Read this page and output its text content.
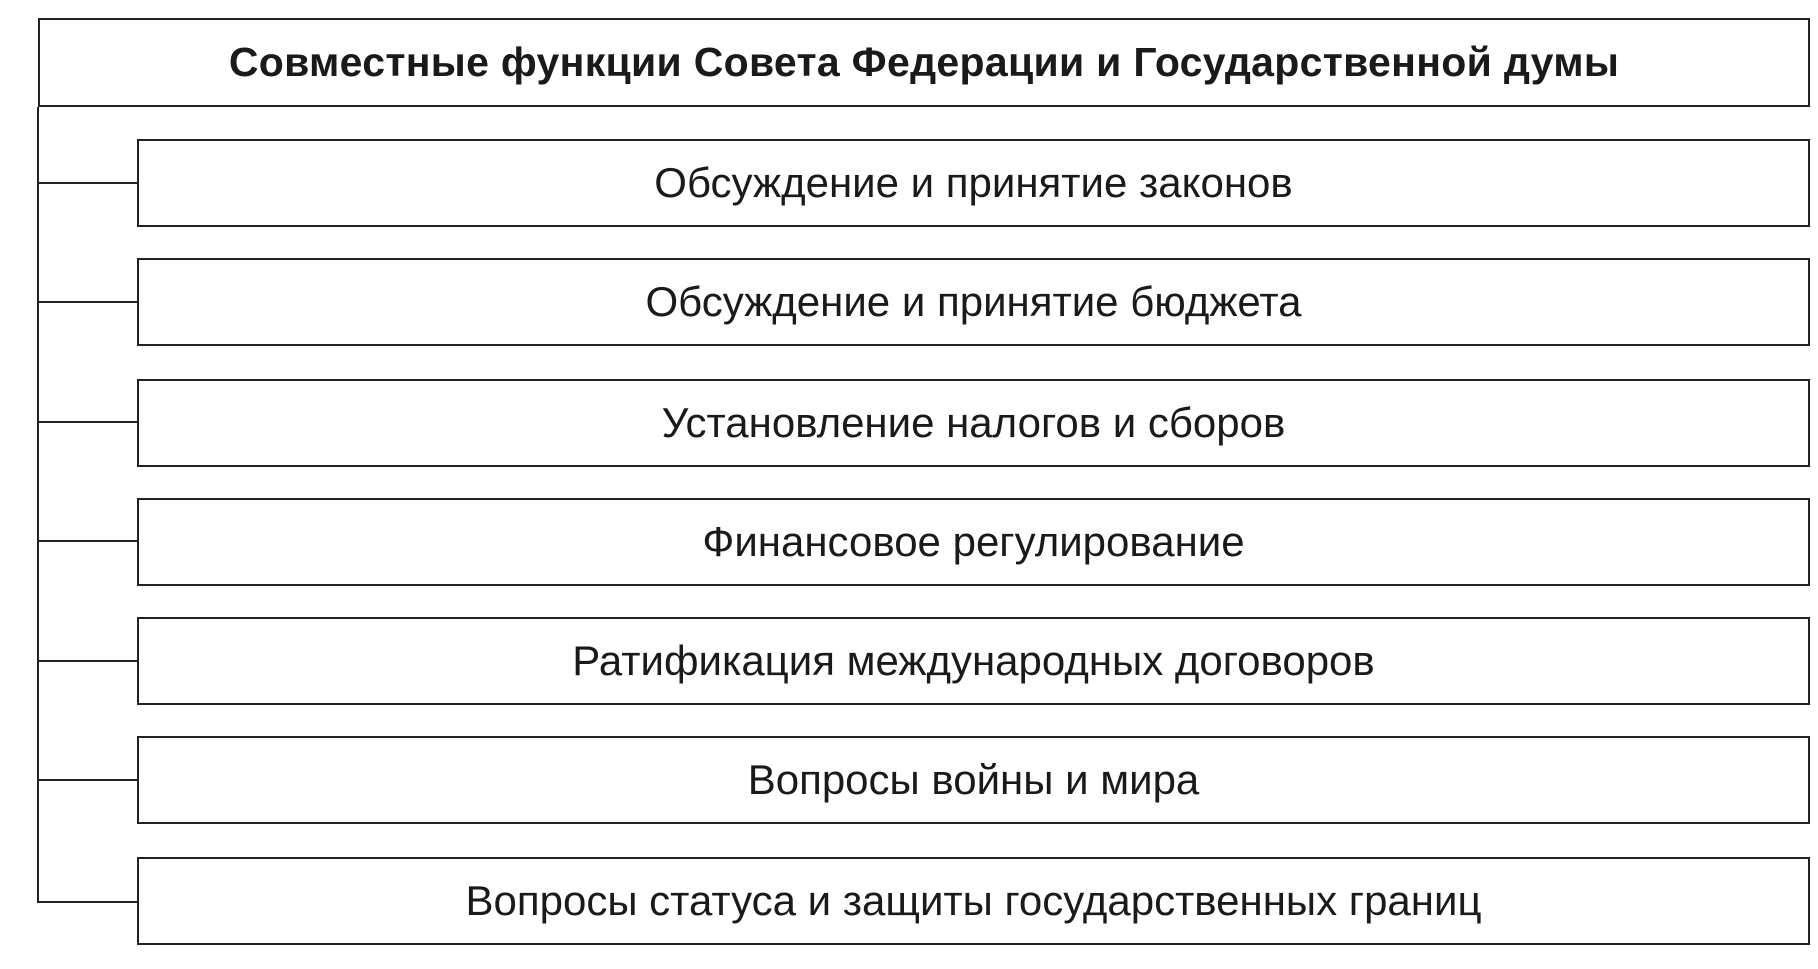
Совместные функции Совета Федерации и Государственной думы
Обсуждение и принятие законов
Обсуждение и принятие бюджета
Установление налогов и сборов
Финансовое регулирование
Ратификация международных договоров
Вопросы войны и мира
Вопросы статуса и защиты государственных границ
